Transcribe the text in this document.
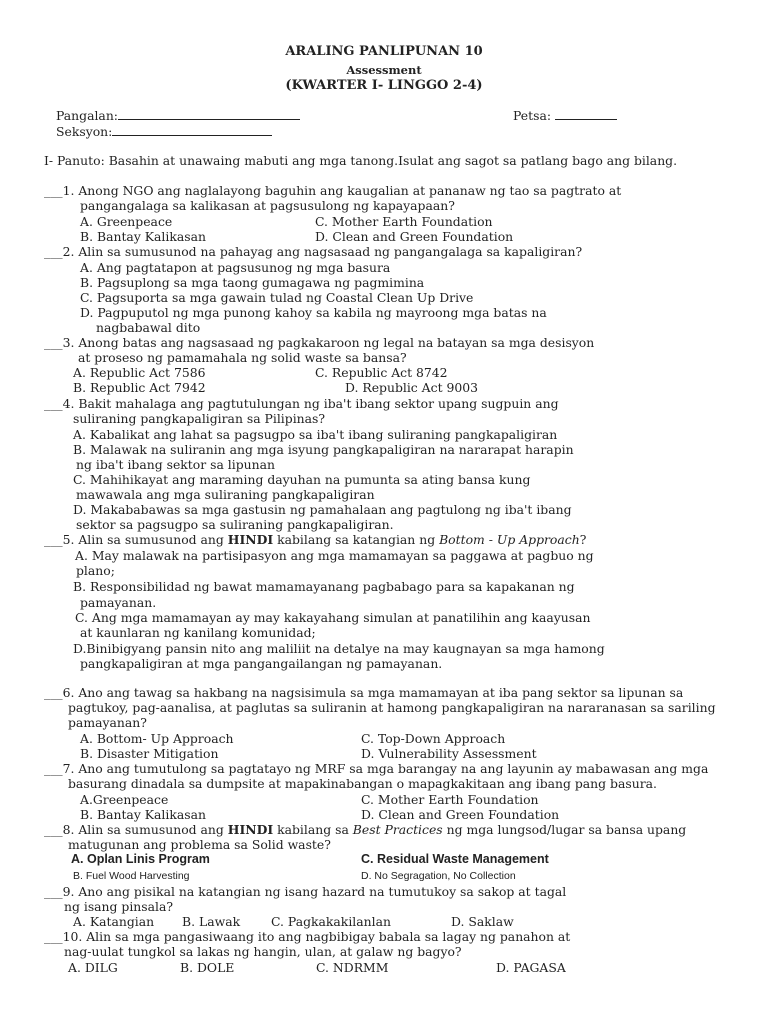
ARALING PANLIPUNAN 10
Assessment
(KWARTER I- LINGGO 2-4)
Pangalan:	Petsa:
Seksyon:
I- Panuto: Basahin at unawaing mabuti ang mga tanong.Isulat ang sagot sa patlang bago ang bilang.
___1. Anong NGO ang naglalayong baguhin ang kaugalian at pananaw ng tao sa pagtrato at
pangangalaga sa kalikasan at pagsusulong ng kapayapaan?
A. Greenpeace	C. Mother Earth Foundation
B. Bantay Kalikasan	D. Clean and Green Foundation
___2. Alin sa sumusunod na pahayag ang nagsasaad ng pangangalaga sa kapaligiran?
A. Ang pagtatapon at pagsusunog ng mga basura
B. Pagsuplong sa mga taong gumagawa ng pagmimina
C. Pagsuporta sa mga gawain tulad ng Coastal Clean Up Drive
D. Pagpuputol ng mga punong kahoy sa kabila ng mayroong mga batas na
nagbabawal dito
___3. Anong batas ang nagsasaad ng pagkakaroon ng legal na batayan sa mga desisyon
at proseso ng pamamahala ng solid waste sa bansa?
A. Republic Act 7586	C. Republic Act 8742
B. Republic Act 7942	D. Republic Act 9003
___4. Bakit mahalaga ang pagtutulungan ng iba't ibang sektor upang sugpuin ang
suliraning pangkapaligiran sa Pilipinas?
A. Kabalikat ang lahat sa pagsugpo sa iba't ibang suliraning pangkapaligiran
B. Malawak na suliranin ang mga isyung pangkapaligiran na nararapat harapin
ng iba't ibang sektor sa lipunan
C. Mahihikayat ang maraming dayuhan na pumunta sa ating bansa kung
mawawala ang mga suliraning pangkapaligiran
D. Makababawas sa mga gastusin ng pamahalaan ang pagtulong ng iba't ibang
sektor sa pagsugpo sa suliraning pangkapaligiran.
___5. Alin sa sumusunod ang HINDI kabilang sa katangian ng Bottom - Up Approach?
A. May malawak na partisipasyon ang mga mamamayan sa paggawa at pagbuo ng
plano;
B. Responsibilidad ng bawat mamamayanang pagbabago para sa kapakanan ng
pamayanan.
C. Ang mga mamamayan ay may kakayahang simulan at panatilihin ang kaayusan
at kaunlaran ng kanilang komunidad;
D.Binibigyang pansin nito ang maliliit na detalye na may kaugnayan sa mga hamong
pangkapaligiran at mga pangangailangan ng pamayanan.
___6. Ano ang tawag sa hakbang na nagsisimula sa mga mamamayan at iba pang sektor sa lipunan sa
pagtukoy, pag-aanalisa, at paglutas sa suliranin at hamong pangkapaligiran na nararanasan sa sariling
pamayanan?
A. Bottom- Up Approach	C. Top-Down Approach
B. Disaster Mitigation	D. Vulnerability Assessment
___7. Ano ang tumutulong sa pagtatayo ng MRF sa mga barangay na ang layunin ay mabawasan ang mga
basurang dinadala sa dumpsite at mapakinabangan o mapagkakitaan ang ibang pang basura.
A.Greenpeace	C. Mother Earth Foundation
B. Bantay Kalikasan	D. Clean and Green Foundation
___8. Alin sa sumusunod ang HINDI kabilang sa Best Practices ng mga lungsod/lugar sa bansa upang
matugunan ang problema sa Solid waste?
A. Oplan Linis Program	C. Residual Waste Management
B. Fuel Wood Harvesting	D. No Segragation, No Collection
___9. Ano ang pisikal na katangian ng isang hazard na tumutukoy sa sakop at tagal
ng isang pinsala?
A. Katangian B. Lawak C. Pagkakakilanlan	D. Saklaw
___10. Alin sa mga pangasiwaang ito ang nagbibigay babala sa lagay ng panahon at
nag-uulat tungkol sa lakas ng hangin, ulan, at galaw ng bagyo?
A. DILG	B. DOLE	C. NDRMM	D. PAGASA
